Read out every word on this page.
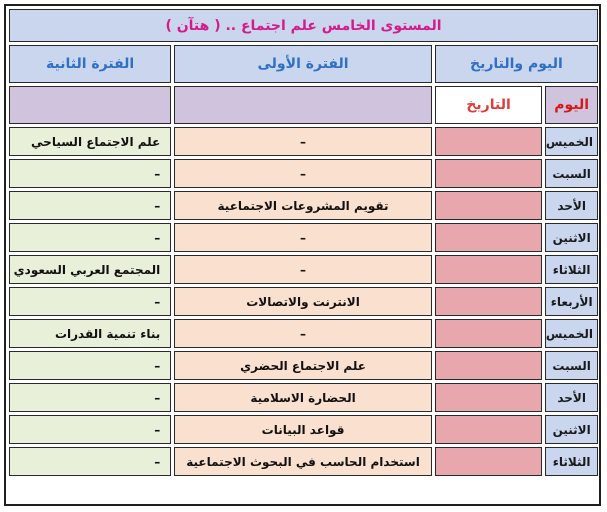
المستوى الخامس علم اجتماع .. ( هتآن )			
اليوم والتاريخ		الفترة الأولى	الفترة الثانية
اليوم	التاريخ		
الخميس		–	علم الاجتماع السياحي
السبت		–	–
الأحد		تقويم المشروعات الاجتماعية	–
الاثنين		–	–
الثلاثاء		–	المجتمع العربي السعودي
الأربعاء		الانترنت والاتصالات	–
الخميس		–	بناء تنمية القدرات
السبت		علم الاجتماع الحضري	–
الأحد		الحضارة الاسلامية	–
الاثنين		قواعد البيانات	–
الثلاثاء		استخدام الحاسب في البحوث الاجتماعية	–
